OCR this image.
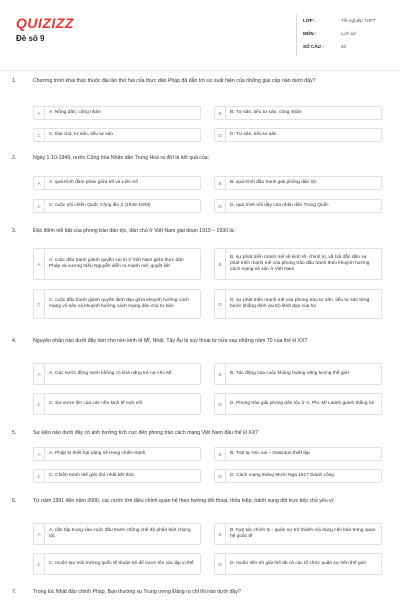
QUIZIZZ
Đề số 9
LỚP :	Tốt nghiệp THPT
MÔN :	Lịch sử
SỐ CÂU :	40
1.	Chương trình khai thác thuộc địa lần thứ hai của thực dân Pháp đã dẫn tới sự xuất hiện của những giai cấp nào dưới đây?
A	A. Nông dân, công nhân	B	B. Tư sản, tiểu tư sản, công nhân
C	C. Địa chủ, tư sản, tiểu tư sản	D	D. Tư sản, tiểu tư sản
2.	Ngày 1-10-1949, nước Cộng hòa Nhân dân Trung Hoa ra đời là kết quả của:
A	A. quá trình đàm phán giữa Mĩ và Liên Xô	B	B. quá trình đấu tranh giải phóng dân tộc
C	C. cuộc nội chiến Quốc Cộng lần 2 (1946-1949)	D	D. quá trình nổi dậy của nhân dân Trung Quốc
3.	Đặc điểm nổi bật của phong trào dân tộc, dân chủ ở Việt Nam giai đoạn 1919 – 1930 là:
A
A. cuộc đấu tranh giành quyền cai trị ở Việt Nam giữa thực dân Pháp và vương triều Nguyễn diễn ra mạnh mẽ, quyết liệt	B
B. sự phát triển mạnh mẽ về kinh tế, chính trị, xã hội dẫn đến sự phát triển mạnh mẽ của phong trào đấu tranh theo khuynh hướng cách mạng vô sản ở Việt Nam
C
C. cuộc đấu tranh giành quyền lãnh đạo giữa khuynh hướng cách mạng vô sản và khuynh hướng cách mạng dân chủ tư sản	D
D. sự phát triển mạnh mẽ của phong trào tư sản, tiểu tư sản từng bước khẳng định vai trò lãnh đạo của họ
4.	Nguyên nhân nào dưới đây làm cho nền kinh tế Mĩ, Nhật, Tây Âu bị suy thoái từ nửa sau những năm 70 của thế kỉ XX?
A	A. Các nước đồng minh không có khả năng trả nợ cho Mĩ	B	B. Tác động của cuộc khủng hoảng năng lượng thế giới
C	C. Sự vươn lên của các nền kinh tế mới nổi	D	D. Phong trào giải phóng dân tộc ở Á, Phi, Mĩ Latinh giành thắng lợi
5.	Sự kiện nào dưới đây có ảnh hưởng tích cực đến phong trào cách mạng Việt Nam đầu thế kỉ XX?
A	A. Pháp bị thiệt hại nặng nề trong chiến tranh	B	B. Trật tự Véc xai – Oasinton thiết lập
C	C. Chiến tranh thế giới thứ nhất kết thúc	D	D. Cách mạng tháng Mười Nga 1917 thành công
6.	Từ năm 1991 đến năm 2000, các nước lớn điều chỉnh quan hệ theo hướng đối thoại, thỏa hiệp, tránh xung đột trực tiếp chủ yếu vì:
A
A. cần tập trung vào cuộc đấu tranh chống chế độ phân biệt chủng tộc	B
B. hợp tác chính trị - quân sự trở thành nội dung căn bản trong quan hệ quốc tế
C	C. muốn tạo môi trường quốc tế thuận lợi để vươn lên xác lập vị thế	D	D. muốn tiến tới giải thể tất cả các tổ chức quân sự trên thế giới
7.	Trong lúc Nhật đảo chính Pháp, Ban thường vụ Trung ương Đảng ra chỉ thị nào dưới đây?
